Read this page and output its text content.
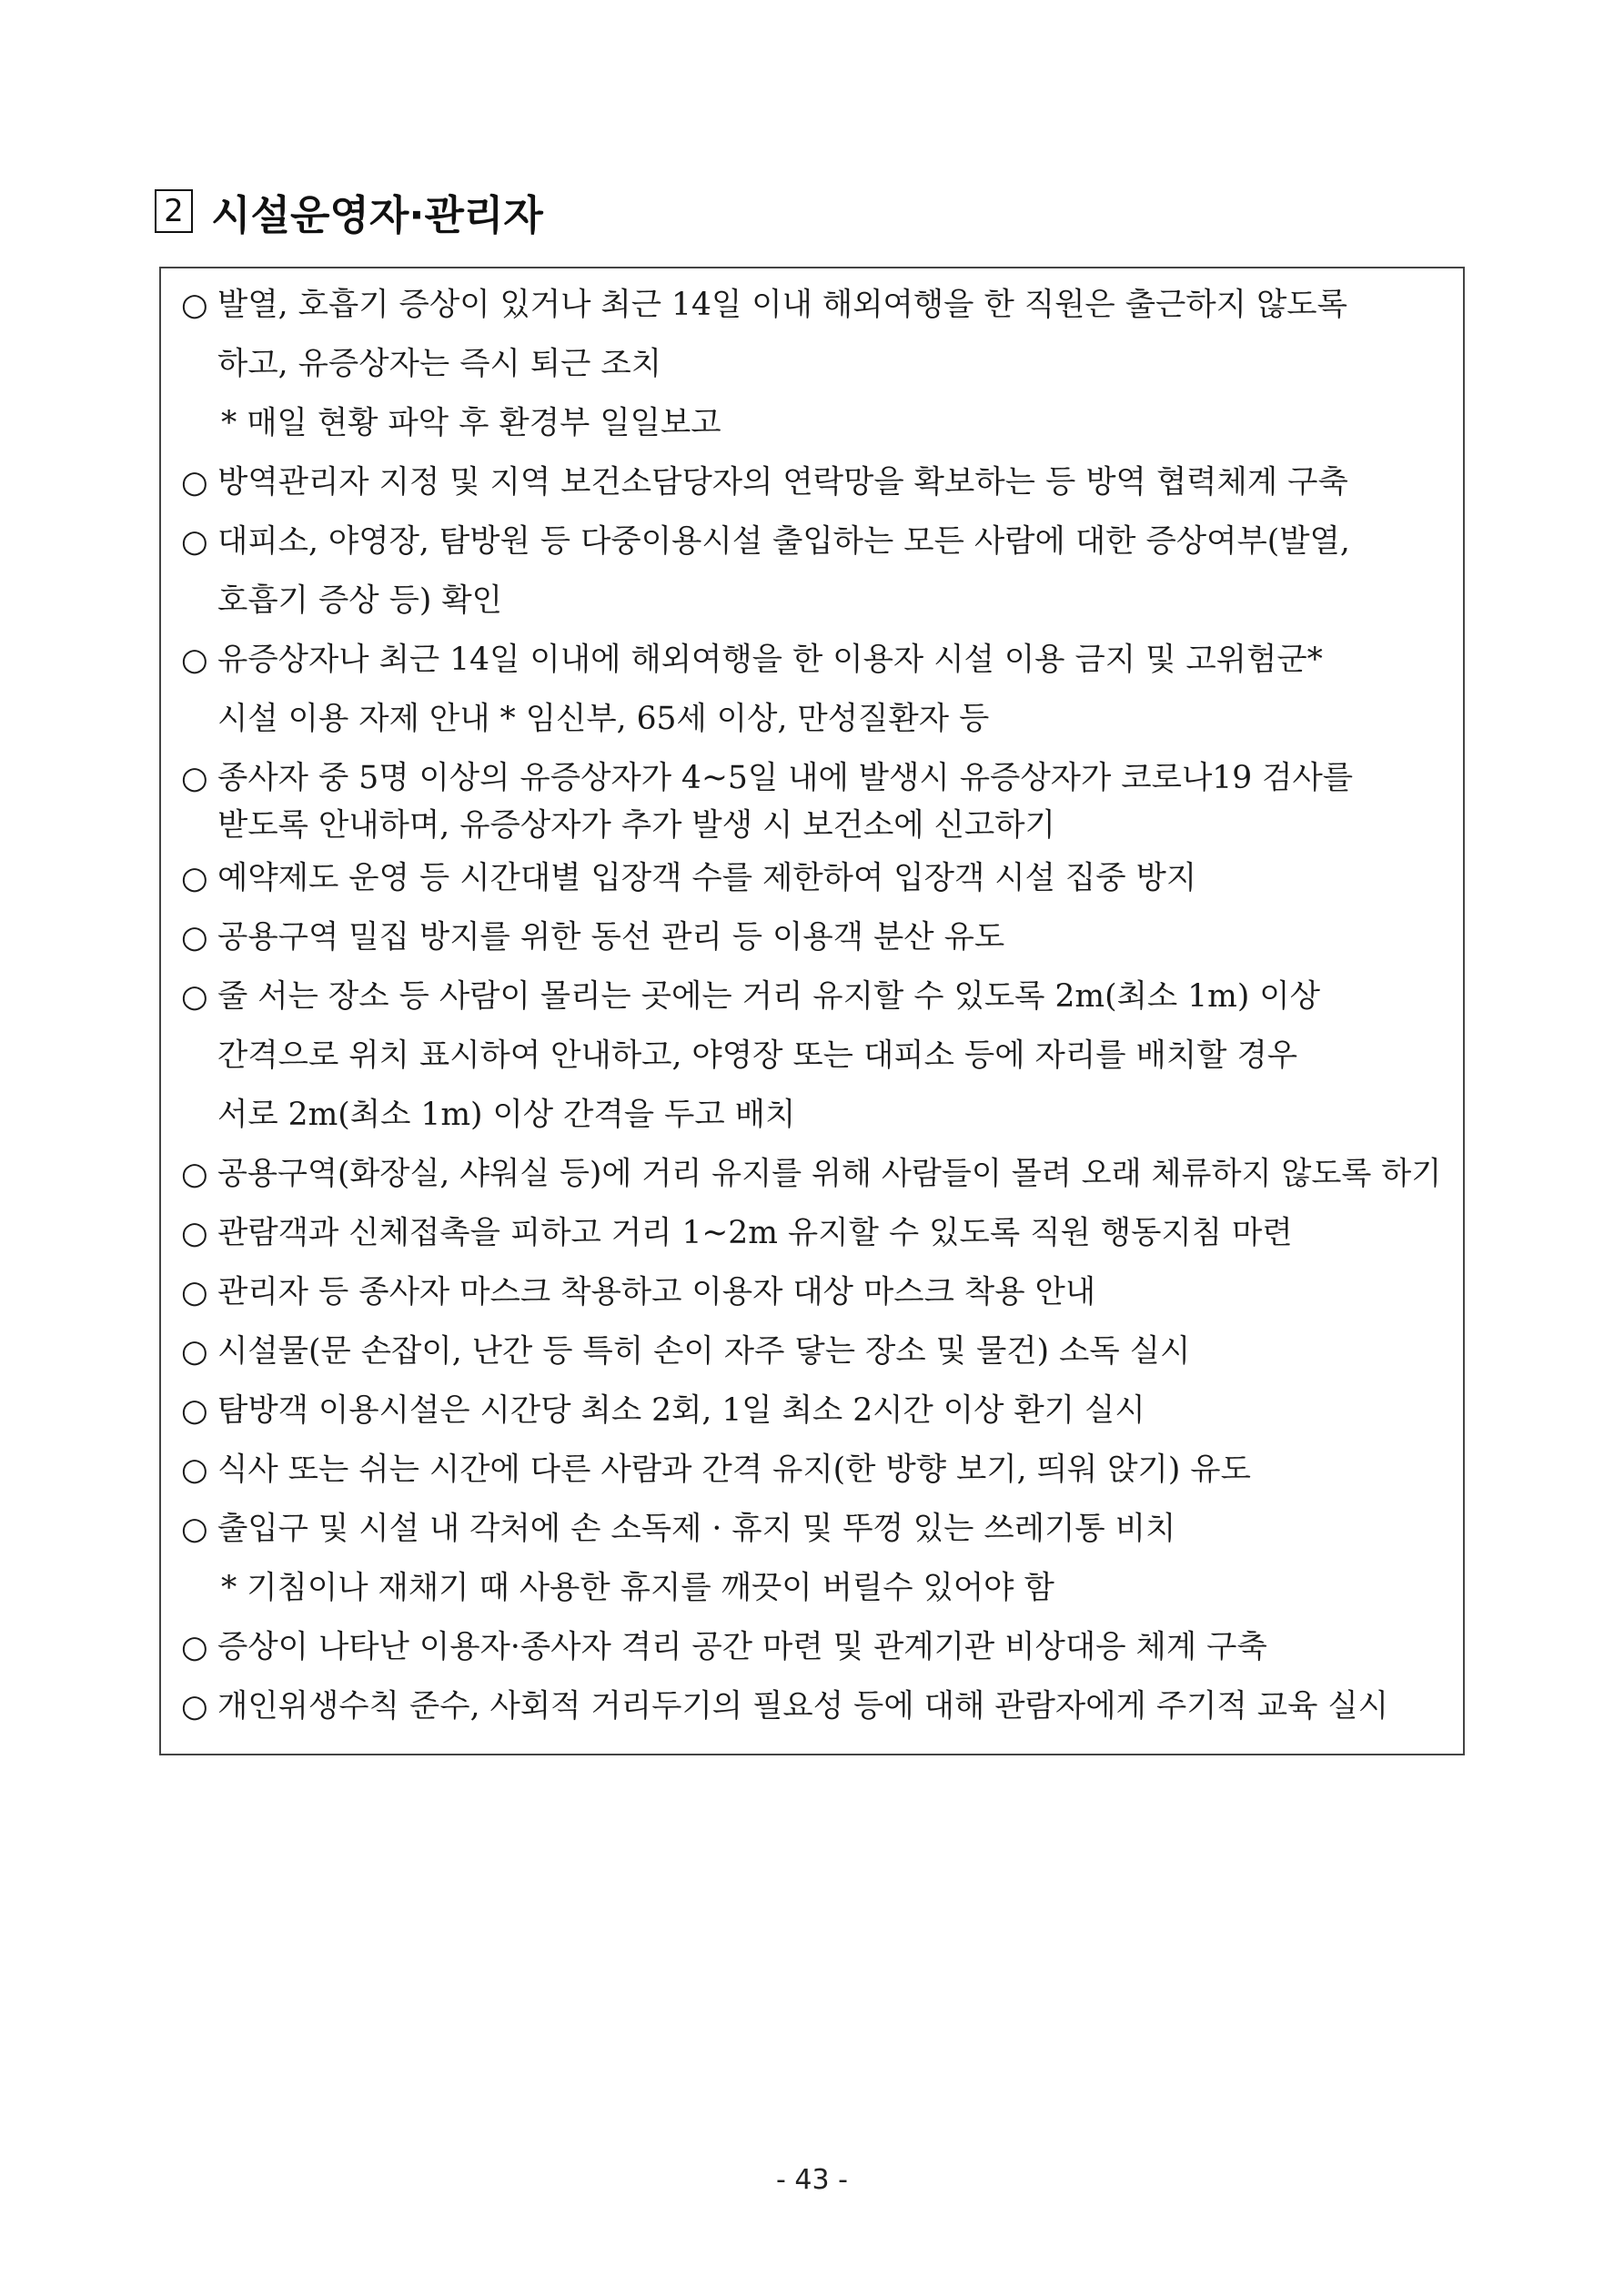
2 시설운영자·관리자
○ 발열, 호흡기 증상이 있거나 최근 14일 이내 해외여행을 한 직원은 출근하지 않도록
하고, 유증상자는 즉시 퇴근 조치
* 매일 현황 파악 후 환경부 일일보고
○ 방역관리자 지정 및 지역 보건소담당자의 연락망을 확보하는 등 방역 협력체계 구축
○ 대피소, 야영장, 탐방원 등 다중이용시설 출입하는 모든 사람에 대한 증상여부(발열,
호흡기 증상 등) 확인
○ 유증상자나 최근 14일 이내에 해외여행을 한 이용자 시설 이용 금지 및 고위험군*
시설 이용 자제 안내 * 임신부, 65세 이상, 만성질환자 등
○ 종사자 중 5명 이상의 유증상자가 4~5일 내에 발생시 유증상자가 코로나19 검사를
받도록 안내하며, 유증상자가 추가 발생 시 보건소에 신고하기
○ 예약제도 운영 등 시간대별 입장객 수를 제한하여 입장객 시설 집중 방지
○ 공용구역 밀집 방지를 위한 동선 관리 등 이용객 분산 유도
○ 줄 서는 장소 등 사람이 몰리는 곳에는 거리 유지할 수 있도록 2m(최소 1m) 이상
간격으로 위치 표시하여 안내하고, 야영장 또는 대피소 등에 자리를 배치할 경우
서로 2m(최소 1m) 이상 간격을 두고 배치
○ 공용구역(화장실, 샤워실 등)에 거리 유지를 위해 사람들이 몰려 오래 체류하지 않도록 하기
○ 관람객과 신체접촉을 피하고 거리 1~2m 유지할 수 있도록 직원 행동지침 마련
○ 관리자 등 종사자 마스크 착용하고 이용자 대상 마스크 착용 안내
○ 시설물(문 손잡이, 난간 등 특히 손이 자주 닿는 장소 및 물건) 소독 실시
○ 탐방객 이용시설은 시간당 최소 2회, 1일 최소 2시간 이상 환기 실시
○ 식사 또는 쉬는 시간에 다른 사람과 간격 유지(한 방향 보기, 띄워 앉기) 유도
○ 출입구 및 시설 내 각처에 손 소독제 · 휴지 및 뚜껑 있는 쓰레기통 비치
* 기침이나 재채기 때 사용한 휴지를 깨끗이 버릴수 있어야 함
○ 증상이 나타난 이용자·종사자 격리 공간 마련 및 관계기관 비상대응 체계 구축
○ 개인위생수칙 준수, 사회적 거리두기의 필요성 등에 대해 관람자에게 주기적 교육 실시
- 43 -
